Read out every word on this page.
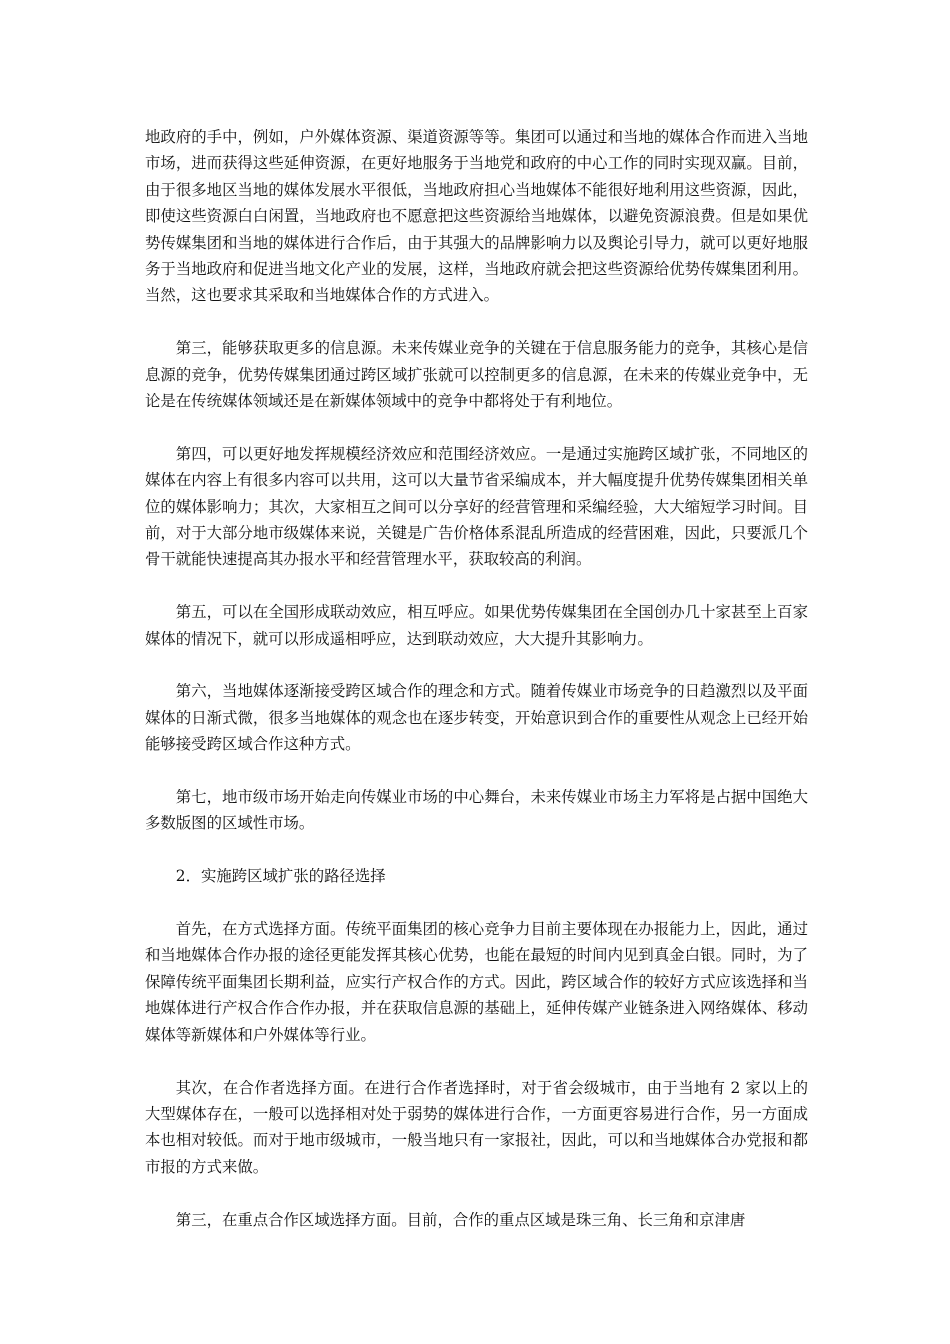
地政府的手中，例如，户外媒体资源、渠道资源等等。集团可以通过和当地的媒体合作而进入当地市场，进而获得这些延伸资源，在更好地服务于当地党和政府的中心工作的同时实现双赢。目前，由于很多地区当地的媒体发展水平很低，当地政府担心当地媒体不能很好地利用这些资源，因此，即使这些资源白白闲置，当地政府也不愿意把这些资源给当地媒体，以避免资源浪费。但是如果优势传媒集团和当地的媒体进行合作后，由于其强大的品牌影响力以及舆论引导力，就可以更好地服务于当地政府和促进当地文化产业的发展，这样，当地政府就会把这些资源给优势传媒集团利用。当然，这也要求其采取和当地媒体合作的方式进入。

第三，能够获取更多的信息源。未来传媒业竞争的关键在于信息服务能力的竞争，其核心是信息源的竞争，优势传媒集团通过跨区域扩张就可以控制更多的信息源，在未来的传媒业竞争中，无论是在传统媒体领域还是在新媒体领域中的竞争中都将处于有利地位。

第四，可以更好地发挥规模经济效应和范围经济效应。一是通过实施跨区域扩张，不同地区的媒体在内容上有很多内容可以共用，这可以大量节省采编成本，并大幅度提升优势传媒集团相关单位的媒体影响力；其次，大家相互之间可以分享好的经营管理和采编经验，大大缩短学习时间。目前，对于大部分地市级媒体来说，关键是广告价格体系混乱所造成的经营困难，因此，只要派几个骨干就能快速提高其办报水平和经营管理水平，获取较高的利润。

第五，可以在全国形成联动效应，相互呼应。如果优势传媒集团在全国创办几十家甚至上百家媒体的情况下，就可以形成遥相呼应，达到联动效应，大大提升其影响力。

第六，当地媒体逐渐接受跨区域合作的理念和方式。随着传媒业市场竞争的日趋激烈以及平面媒体的日渐式微，很多当地媒体的观念也在逐步转变，开始意识到合作的重要性从观念上已经开始能够接受跨区域合作这种方式。

第七，地市级市场开始走向传媒业市场的中心舞台，未来传媒业市场主力军将是占据中国绝大多数版图的区域性市场。

2．实施跨区域扩张的路径选择

首先，在方式选择方面。传统平面集团的核心竞争力目前主要体现在办报能力上，因此，通过和当地媒体合作办报的途径更能发挥其核心优势，也能在最短的时间内见到真金白银。同时，为了保障传统平面集团长期利益，应实行产权合作的方式。因此，跨区域合作的较好方式应该选择和当地媒体进行产权合作合作办报，并在获取信息源的基础上，延伸传媒产业链条进入网络媒体、移动媒体等新媒体和户外媒体等行业。

其次，在合作者选择方面。在进行合作者选择时，对于省会级城市，由于当地有 2 家以上的大型媒体存在，一般可以选择相对处于弱势的媒体进行合作，一方面更容易进行合作，另一方面成本也相对较低。而对于地市级城市，一般当地只有一家报社，因此，可以和当地媒体合办党报和都市报的方式来做。

第三，在重点合作区域选择方面。目前，合作的重点区域是珠三角、长三角和京津唐
